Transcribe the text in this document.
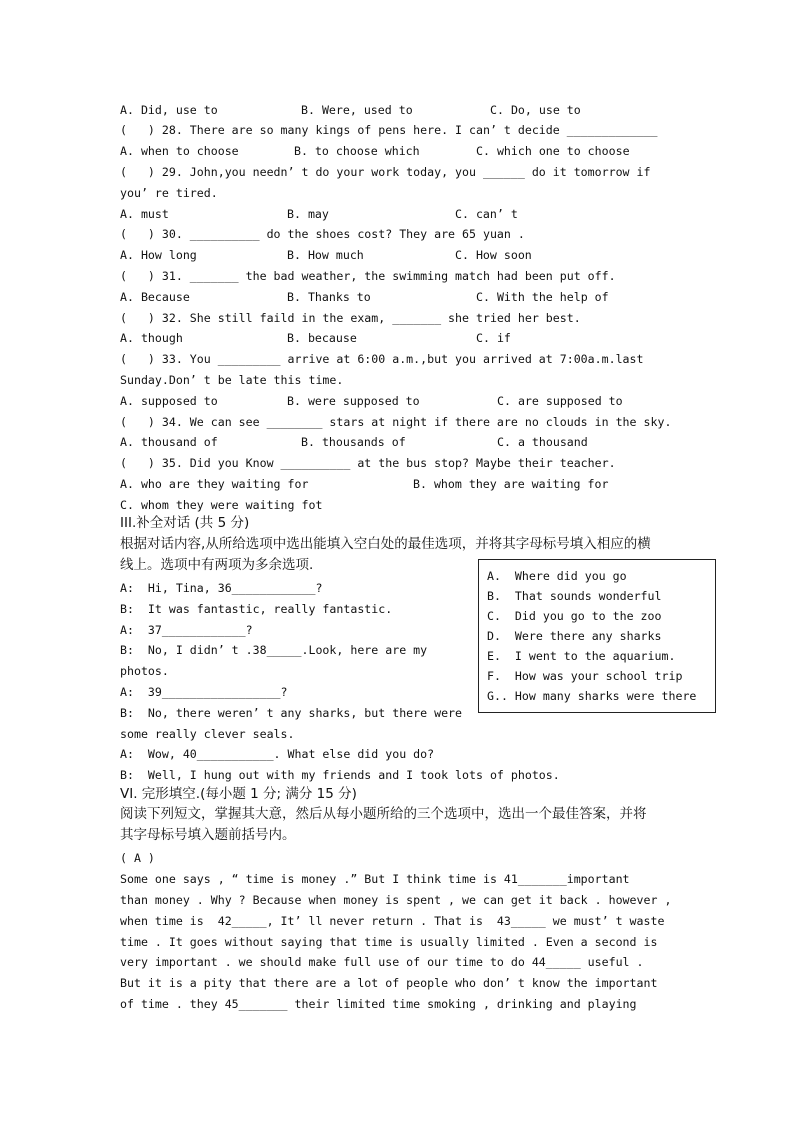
A. Did, use to	B. Were, used to	C. Do, use to
(   ) 28. There are so many kings of pens here. I can’ t decide _____________
A. when to choose	B. to choose which	C. which one to choose
(   ) 29. John,you needn’ t do your work today, you ______ do it tomorrow if
you’ re tired.
A. must	B. may	C. can’ t
(   ) 30. __________ do the shoes cost? They are 65 yuan .
A. How long	B. How much	C. How soon
(   ) 31. _______ the bad weather, the swimming match had been put off.
A. Because	B. Thanks to	C. With the help of
(   ) 32. She still faild in the exam, _______ she tried her best.
A. though	B. because	C. if
(   ) 33. You _________ arrive at 6:00 a.m.,but you arrived at 7:00a.m.last
Sunday.Don’ t be late this time.
A. supposed to	B. were supposed to	C. are supposed to
(   ) 34. We can see ________ stars at night if there are no clouds in the sky.
A. thousand of	B. thousands of	C. a thousand
(   ) 35. Did you Know __________ at the bus stop? Maybe their teacher.
A. who are they waiting for	B. whom they are waiting for
C. whom they were waiting fot
III.补全对话 (共 5 分)
根据对话内容,从所给选项中选出能填入空白处的最佳选项，并将其字母标号填入相应的横
线上。选项中有两项为多余选项.
A:  Hi, Tina, 36____________?
B:  It was fantastic, really fantastic.
A:  37____________?
B:  No, I didn’ t .38_____.Look, here are my
photos.
A:  39_________________?
B:  No, there weren’ t any sharks, but there were
some really clever seals.
A:  Wow, 40___________. What else did you do?
B:  Well, I hung out with my friends and I took lots of photos.
A.  Where did you go
B.  That sounds wonderful
C.  Did you go to the zoo
D.  Were there any sharks
E.  I went to the aquarium.
F.  How was your school trip
G.. How many sharks were there
VI. 完形填空.(每小题 1 分; 满分 15 分)
阅读下列短文，掌握其大意，然后从每小题所给的三个选项中，选出一个最佳答案，并将
其字母标号填入题前括号内。
( A )
Some one says , “ time is money .” But I think time is 41_______important
than money . Why ? Because when money is spent , we can get it back . however ,
when time is  42_____, It’ ll never return . That is  43_____ we must’ t waste
time . It goes without saying that time is usually limited . Even a second is
very important . we should make full use of our time to do 44_____ useful .
But it is a pity that there are a lot of people who don’ t know the important
of time . they 45_______ their limited time smoking , drinking and playing
